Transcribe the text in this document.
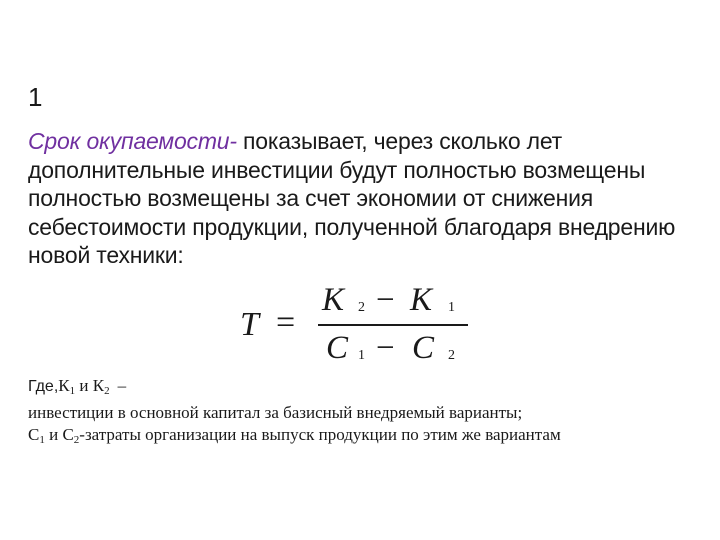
1
Срок окупаемости- показывает, через сколько лет дополнительные инвестиции будут полностью возмещены полностью возмещены за счет экономии от снижения себестоимости продукции, полученной благодаря внедрению новой техники:
T =
K 2 − K 1
C 1 − C 2
Где,К1 и К2 –
инвестиции в основной капитал за базисный внедряемый варианты;
С1 и С2-затраты организации на выпуск продукции по этим же вариантам
